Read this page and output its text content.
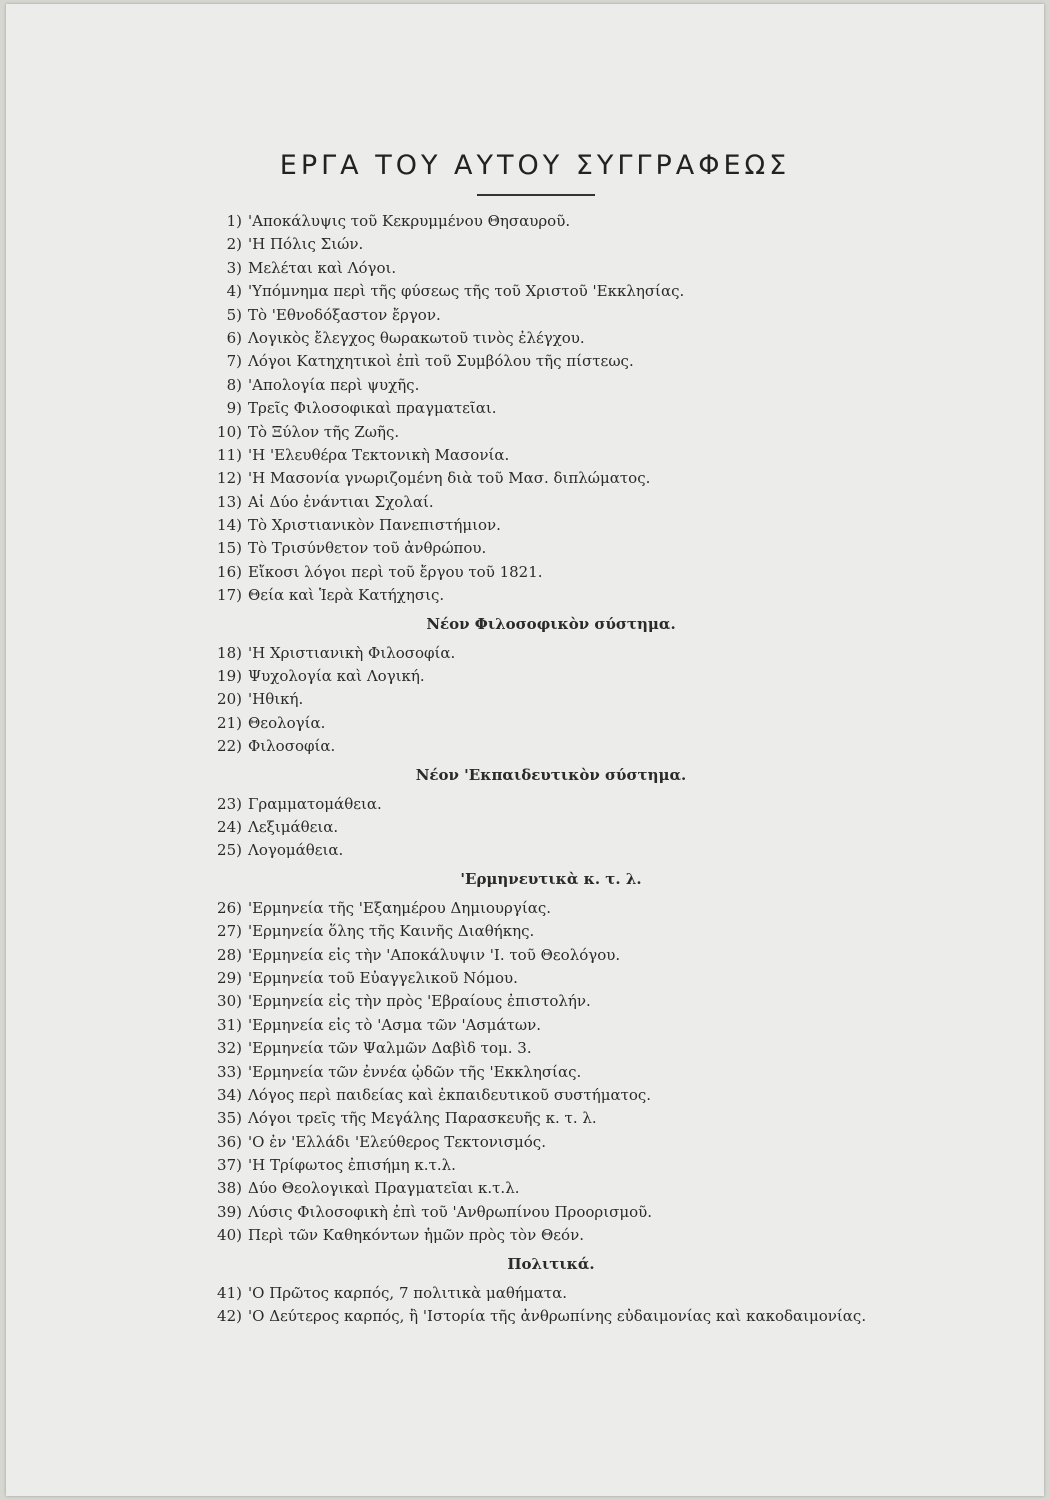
ΕΡΓΑ ΤΟΥ ΑΥΤΟΥ ΣΥΓΓΡΑΦΕΩΣ
1) 'Αποκάλυψις τοῦ Κεκρυμμένου Θησαυροῦ.
2) 'Η Πόλις Σιών.
3) Μελέται καὶ Λόγοι.
4) 'Υπόμνημα περὶ τῆς φύσεως τῆς τοῦ Χριστοῦ 'Εκκλησίας.
5) Τὸ 'Εθνοδόξαστον ἔργον.
6) Λογικὸς ἔλεγχος θωρακωτοῦ τινὸς ἐλέγχου.
7) Λόγοι Κατηχητικοὶ ἐπὶ τοῦ Συμβόλου τῆς πίστεως.
8) 'Απολογία περὶ ψυχῆς.
9) Τρεῖς Φιλοσοφικαὶ πραγματεῖαι.
10) Τὸ Ξύλον τῆς Ζωῆς.
11) 'Η 'Ελευθέρα Τεκτονικὴ Μασονία.
12) 'Η Μασονία γνωριζομένη διὰ τοῦ Μασ. διπλώματος.
13) Αἱ Δύο ἐνάντιαι Σχολαί.
14) Τὸ Χριστιανικὸν Πανεπιστήμιον.
15) Τὸ Τρισύνθετον τοῦ ἀνθρώπου.
16) Εἴκοσι λόγοι περὶ τοῦ ἔργου τοῦ 1821.
17) Θεία καὶ Ἱερὰ Κατήχησις.
Νέον Φιλοσοφικὸν σύστημα.
18) 'Η Χριστιανικὴ Φιλοσοφία.
19) Ψυχολογία καὶ Λογική.
20) 'Ηθική.
21) Θεολογία.
22) Φιλοσοφία.
Νέον 'Εκπαιδευτικὸν σύστημα.
23) Γραμματομάθεια.
24) Λεξιμάθεια.
25) Λογομάθεια.
'Ερμηνευτικὰ κ. τ. λ.
26) 'Ερμηνεία τῆς 'Εξαημέρου Δημιουργίας.
27) 'Ερμηνεία ὅλης τῆς Καινῆς Διαθήκης.
28) 'Ερμηνεία εἰς τὴν 'Αποκάλυψιν 'Ι. τοῦ Θεολόγου.
29) 'Ερμηνεία τοῦ Εὐαγγελικοῦ Νόμου.
30) 'Ερμηνεία εἰς τὴν πρὸς 'Εβραίους ἐπιστολήν.
31) 'Ερμηνεία εἰς τὸ 'Ασμα τῶν 'Ασμάτων.
32) 'Ερμηνεία τῶν Ψαλμῶν Δαβὶδ τομ. 3.
33) 'Ερμηνεία τῶν ἐννέα ᾠδῶν τῆς 'Εκκλησίας.
34) Λόγος περὶ παιδείας καὶ ἐκπαιδευτικοῦ συστήματος.
35) Λόγοι τρεῖς τῆς Μεγάλης Παρασκευῆς κ. τ. λ.
36) 'Ο ἐν 'Ελλάδι 'Ελεύθερος Τεκτονισμός.
37) 'Η Τρίφωτος ἐπισήμη κ.τ.λ.
38) Δύο Θεολογικαὶ Πραγματεῖαι κ.τ.λ.
39) Λύσις Φιλοσοφικὴ ἐπὶ τοῦ 'Ανθρωπίνου Προορισμοῦ.
40) Περὶ τῶν Καθηκόντων ἡμῶν πρὸς τὸν Θεόν.
Πολιτικά.
41) 'Ο Πρῶτος καρπός, 7 πολιτικὰ μαθήματα.
42) 'Ο Δεύτερος καρπός, ἢ 'Ιστορία τῆς ἀνθρωπίνης εὐδαιμονίας καὶ κακοδαιμονίας.
